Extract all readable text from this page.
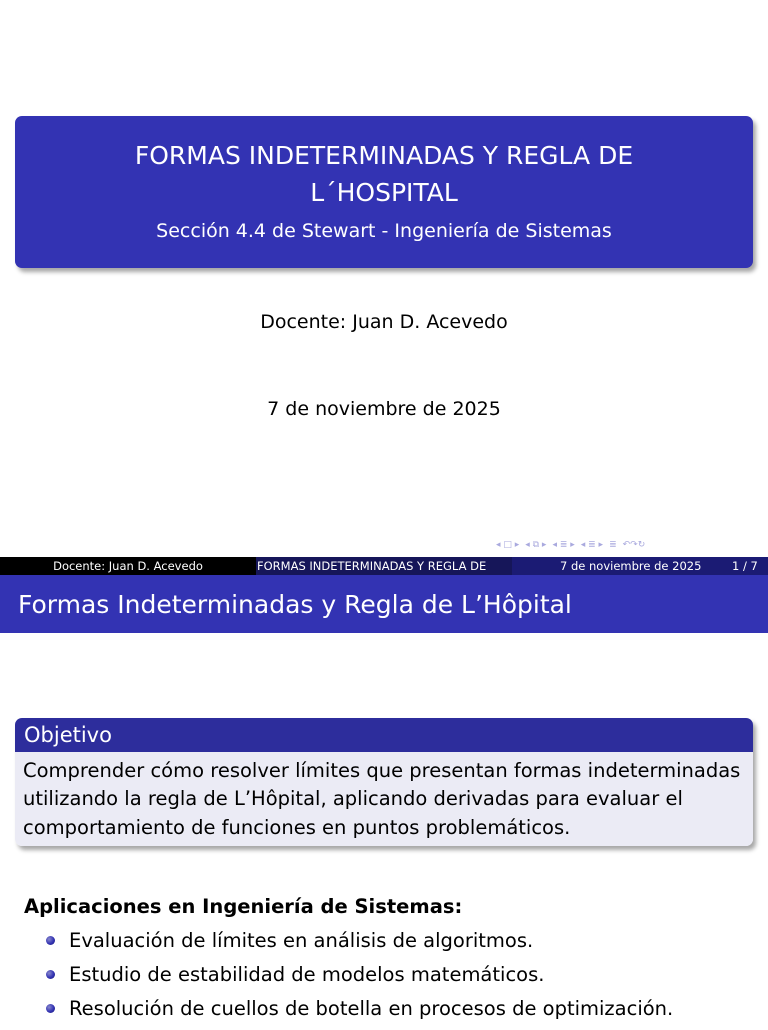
FORMAS INDETERMINADAS Y REGLA DE
L´HOSPITAL
Sección 4.4 de Stewart - Ingeniería de Sistemas
Docente: Juan D. Acevedo
7 de noviembre de 2025
◂ □ ▸ ◂ ⧉ ▸ ◂ ≣ ▸ ◂ ≣ ▸ ≣ ↶↷↻
Docente: Juan D. Acevedo	FORMAS INDETERMINADAS Y REGLA DE	7 de noviembre de 2025	1 / 7
Formas Indeterminadas y Regla de L’Hôpital
Objetivo
Comprender cómo resolver límites que presentan formas indeterminadas
utilizando la regla de L’Hôpital, aplicando derivadas para evaluar el
comportamiento de funciones en puntos problemáticos.
Aplicaciones en Ingeniería de Sistemas:
Evaluación de límites en análisis de algoritmos.
Estudio de estabilidad de modelos matemáticos.
Resolución de cuellos de botella en procesos de optimización.
